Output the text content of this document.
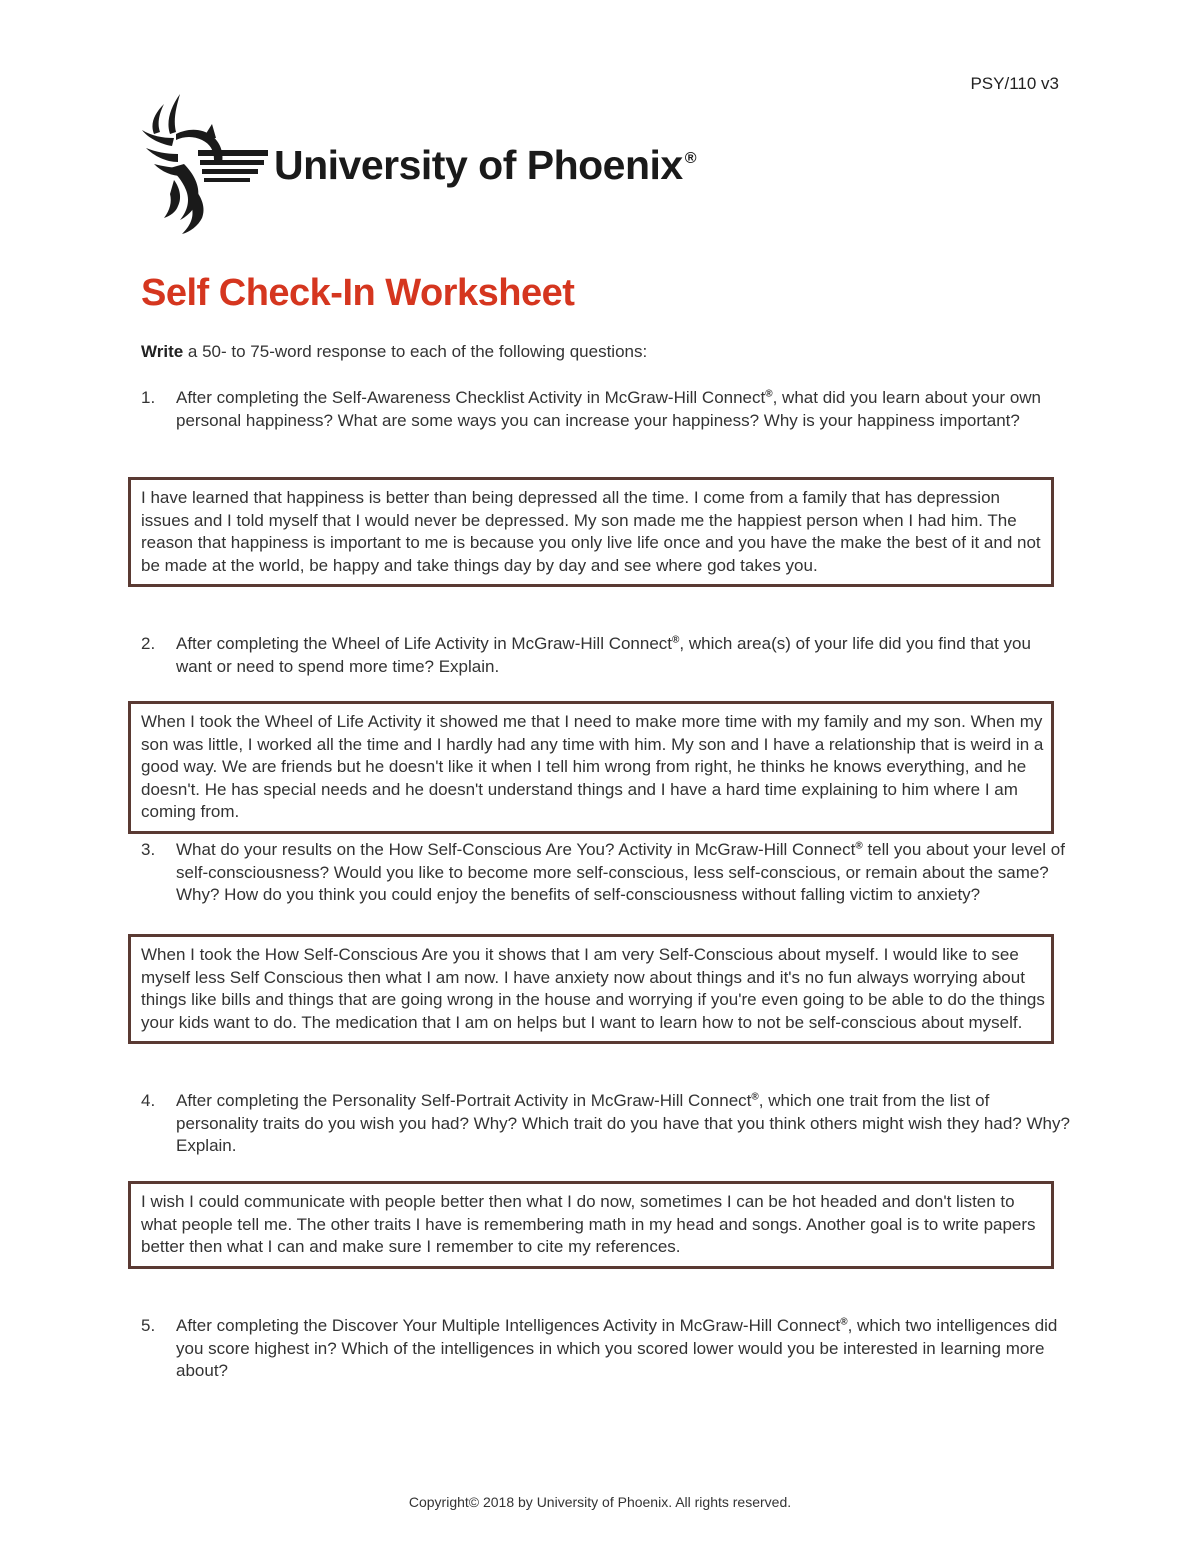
PSY/110 v3
University of Phoenix ®
Self Check-In Worksheet
Write a 50- to 75-word response to each of the following questions:
1.	After completing the Self-Awareness Checklist Activity in McGraw-Hill Connect®, what did you learn about your own personal happiness? What are some ways you can increase your happiness? Why is your happiness important?
I have learned that happiness is better than being depressed all the time. I come from a family that has depression issues and I told myself that I would never be depressed. My son made me the happiest person when I had him. The reason that happiness is important to me is because you only live life once and you have the make the best of it and not be made at the world, be happy and take things day by day and see where god takes you.
2.	After completing the Wheel of Life Activity in McGraw-Hill Connect®, which area(s) of your life did you find that you want or need to spend more time? Explain.
When I took the Wheel of Life Activity it showed me that I need to make more time with my family and my son. When my son was little, I worked all the time and I hardly had any time with him. My son and I have a relationship that is weird in a good way. We are friends but he doesn't like it when I tell him wrong from right, he thinks he knows everything, and he doesn't. He has special needs and he doesn't understand things and I have a hard time explaining to him where I am coming from.
3.	What do your results on the How Self-Conscious Are You? Activity in McGraw-Hill Connect® tell you about your level of self-consciousness? Would you like to become more self-conscious, less self-conscious, or remain about the same? Why? How do you think you could enjoy the benefits of self-consciousness without falling victim to anxiety?
When I took the How Self-Conscious Are you it shows that I am very Self-Conscious about myself. I would like to see myself less Self Conscious then what I am now. I have anxiety now about things and it's no fun always worrying about things like bills and things that are going wrong in the house and worrying if you're even going to be able to do the things your kids want to do. The medication that I am on helps but I want to learn how to not be self-conscious about myself.
4.	After completing the Personality Self-Portrait Activity in McGraw-Hill Connect®, which one trait from the list of personality traits do you wish you had? Why? Which trait do you have that you think others might wish they had? Why? Explain.
I wish I could communicate with people better then what I do now, sometimes I can be hot headed and don't listen to what people tell me. The other traits I have is remembering math in my head and songs. Another goal is to write papers better then what I can and make sure I remember to cite my references.
5.	After completing the Discover Your Multiple Intelligences Activity in McGraw-Hill Connect®, which two intelligences did you score highest in? Which of the intelligences in which you scored lower would you be interested in learning more about?
Copyright© 2018 by University of Phoenix. All rights reserved.
